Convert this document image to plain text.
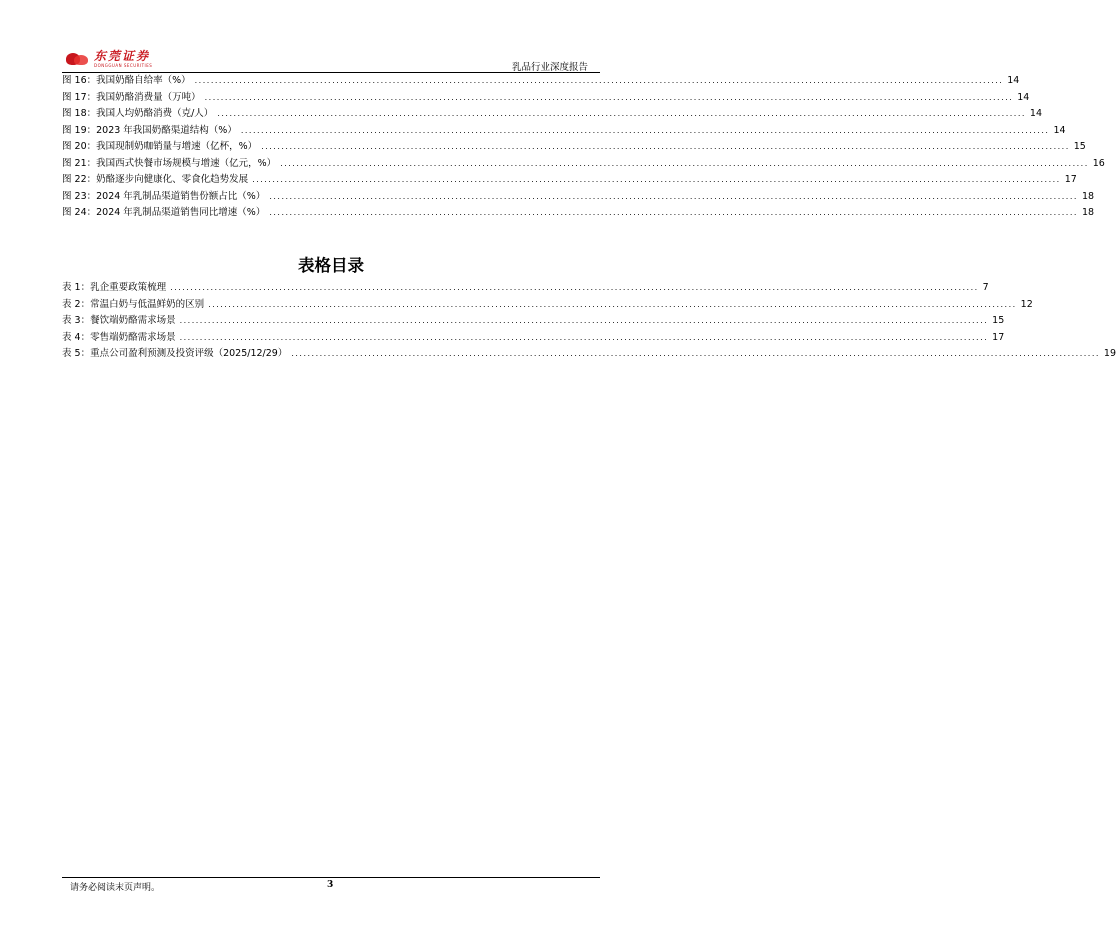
东莞证券
DONGGUAN SECURITIES	乳品行业深度报告
图 16：我国奶酪自给率（%） ........................................................................................................................................................................................................ 14
图 17：我国奶酪消费量（万吨） ........................................................................................................................................................................................................ 14
图 18：我国人均奶酪消费（克/人） ........................................................................................................................................................................................................ 14
图 19：2023 年我国奶酪渠道结构（%） ........................................................................................................................................................................................................ 14
图 20：我国现制奶咖销量与增速（亿杯，%） ........................................................................................................................................................................................................ 15
图 21：我国西式快餐市场规模与增速（亿元，%） ........................................................................................................................................................................................................ 16
图 22：奶酪逐步向健康化、零食化趋势发展 ........................................................................................................................................................................................................ 17
图 23：2024 年乳制品渠道销售份额占比（%） ........................................................................................................................................................................................................ 18
图 24：2024 年乳制品渠道销售同比增速（%） ........................................................................................................................................................................................................ 18
表格目录
表 1：乳企重要政策梳理 ........................................................................................................................................................................................................ 7
表 2：常温白奶与低温鲜奶的区别 ........................................................................................................................................................................................................ 12
表 3：餐饮端奶酪需求场景 ........................................................................................................................................................................................................ 15
表 4：零售端奶酪需求场景 ........................................................................................................................................................................................................ 17
表 5：重点公司盈利预测及投资评级（2025/12/29） ........................................................................................................................................................................................................ 19
请务必阅读末页声明。	3
